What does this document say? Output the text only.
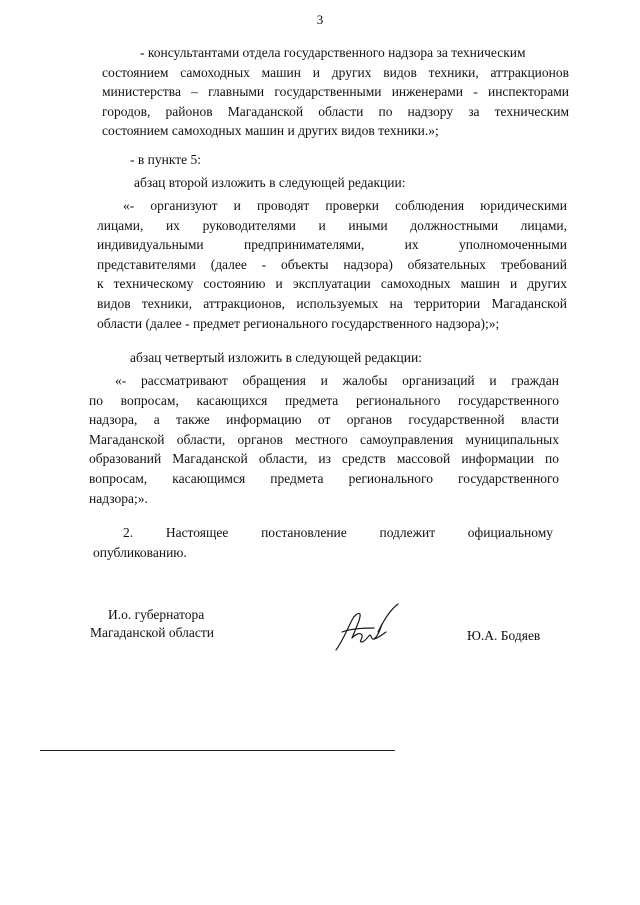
3
- консультантами отдела государственного надзора за техническим
состоянием самоходных машин и других видов техники, аттракционов
министерства – главными государственными инженерами - инспекторами
городов, районов Магаданской области по надзору за техническим
состоянием самоходных машин и других видов техники.»;
- в пункте 5:
абзац второй изложить в следующей редакции:
«- организуют и проводят проверки соблюдения юридическими
лицами, их руководителями и иными должностными лицами,
индивидуальными предпринимателями, их уполномоченными
представителями (далее - объекты надзора) обязательных требований
к техническому состоянию и эксплуатации самоходных машин и других
видов техники, аттракционов, используемых на территории Магаданской
области (далее - предмет регионального государственного надзора);»;
абзац четвертый изложить в следующей редакции:
«- рассматривают обращения и жалобы организаций и граждан
по вопросам, касающихся предмета регионального государственного
надзора, а также информацию от органов государственной власти
Магаданской области, органов местного самоуправления муниципальных
образований Магаданской области, из средств массовой информации по
вопросам, касающимся предмета регионального государственного
надзора;».
2. Настоящее постановление подлежит официальному
опубликованию.
И.о. губернатора
Магаданской области	Ю.А. Бодяев
